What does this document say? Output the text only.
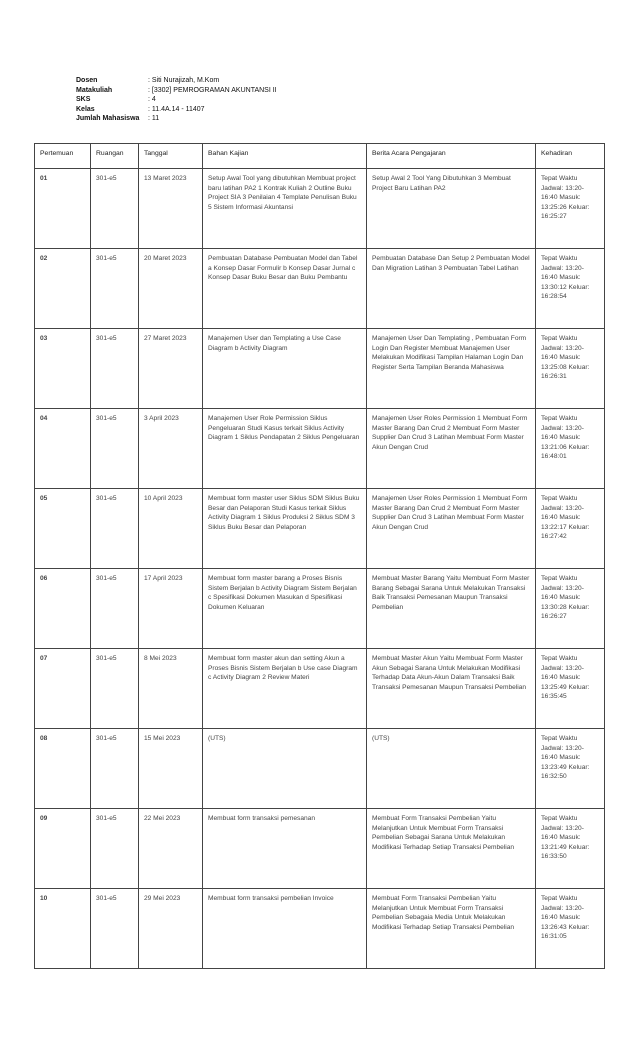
Dosen	: Siti Nurajizah, M.Kom
Matakuliah	: [3302] PEMROGRAMAN AKUNTANSI II
SKS	: 4
Kelas	: 11.4A.14 - 11407
Jumlah Mahasiswa	: 11
Pertemuan	Ruangan	Tanggal	Bahan Kajian	Berita Acara Pengajaran	Kehadiran
01	301-e5	13 Maret 2023	Setup Awal Tool yang dibutuhkan Membuat project baru latihan PA2 1 Kontrak Kuliah 2 Outline Buku Project SIA 3 Penilaian 4 Template Penulisan Buku 5 Sistem Informasi Akuntansi	Setup Awal 2 Tool Yang Dibutuhkan 3 Membuat Project Baru Latihan PA2	Tepat Waktu Jadwal: 13:20-16:40 Masuk: 13:25:26 Keluar: 16:25:27
02	301-e5	20 Maret 2023	Pembuatan Database Pembuatan Model dan Tabel a Konsep Dasar Formulir b Konsep Dasar Jurnal c Konsep Dasar Buku Besar dan Buku Pembantu	Pembuatan Database Dan Setup 2 Pembuatan Model Dan Migration Latihan 3 Pembuatan Tabel Latihan	Tepat Waktu Jadwal: 13:20-16:40 Masuk: 13:30:12 Keluar: 16:28:54
03	301-e5	27 Maret 2023	Manajemen User dan Templating a Use Case Diagram b Activity Diagram	Manajemen User Dan Templating , Pembuatan Form Login Dan Register Membuat Manajemen User Melakukan Modifikasi Tampilan Halaman Login Dan Register Serta Tampilan Beranda Mahasiswa	Tepat Waktu Jadwal: 13:20-16:40 Masuk: 13:25:08 Keluar: 16:26:31
04	301-e5	3 April 2023	Manajemen User Role Permission Siklus Pengeluaran Studi Kasus terkait Siklus Activity Diagram 1 Siklus Pendapatan 2 Siklus Pengeluaran	Manajemen User Roles Permission 1 Membuat Form Master Barang Dan Crud 2 Membuat Form Master Supplier Dan Crud 3 Latihan Membuat Form Master Akun Dengan Crud	Tepat Waktu Jadwal: 13:20-16:40 Masuk: 13:21:06 Keluar: 16:48:01
05	301-e5	10 April 2023	Membuat form master user Siklus SDM Siklus Buku Besar dan Pelaporan Studi Kasus terkait Siklus Activity Diagram 1 Siklus Produksi 2 Siklus SDM 3 Siklus Buku Besar dan Pelaporan	Manajemen User Roles Permission 1 Membuat Form Master Barang Dan Crud 2 Membuat Form Master Supplier Dan Crud 3 Latihan Membuat Form Master Akun Dengan Crud	Tepat Waktu Jadwal: 13:20-16:40 Masuk: 13:22:17 Keluar: 16:27:42
06	301-e5	17 April 2023	Membuat form master barang a Proses Bisnis Sistem Berjalan b Activity Diagram Sistem Berjalan c Spesifikasi Dokumen Masukan d Spesifikasi Dokumen Keluaran	Membuat Master Barang Yaitu Membuat Form Master Barang Sebagai Sarana Untuk Melakukan Transaksi Baik Transaksi Pemesanan Maupun Transaksi Pembelian	Tepat Waktu Jadwal: 13:20-16:40 Masuk: 13:30:28 Keluar: 16:26:27
07	301-e5	8 Mei 2023	Membuat form master akun dan setting Akun a Proses Bisnis Sistem Berjalan b Use case Diagram c Activity Diagram 2 Review Materi	Membuat Master Akun Yaitu Membuat Form Master Akun Sebagai Sarana Untuk Melakukan Modifikasi Terhadap Data Akun-Akun Dalam Transaksi Baik Transaksi Pemesanan Maupun Transaksi Pembelian	Tepat Waktu Jadwal: 13:20-16:40 Masuk: 13:25:49 Keluar: 16:35:45
08	301-e5	15 Mei 2023	(UTS)	(UTS)	Tepat Waktu Jadwal: 13:20-16:40 Masuk: 13:23:49 Keluar: 16:32:50
09	301-e5	22 Mei 2023	Membuat form transaksi pemesanan	Membuat Form Transaksi Pembelian Yaitu Melanjutkan Untuk Membuat Form Transaksi Pembelian Sebagai Sarana Untuk Melakukan Modifikasi Terhadap Setiap Transaksi Pembelian	Tepat Waktu Jadwal: 13:20-16:40 Masuk: 13:21:49 Keluar: 16:33:50
10	301-e5	29 Mei 2023	Membuat form transaksi pembelian Invoice	Membuat Form Transaksi Pembelian Yaitu Melanjutkan Untuk Membuat Form Transaksi Pembelian Sebagaia Media Untuk Melakukan Modifikasi Terhadap Setiap Transaksi Pembelian	Tepat Waktu Jadwal: 13:20-16:40 Masuk: 13:26:43 Keluar: 16:31:05
